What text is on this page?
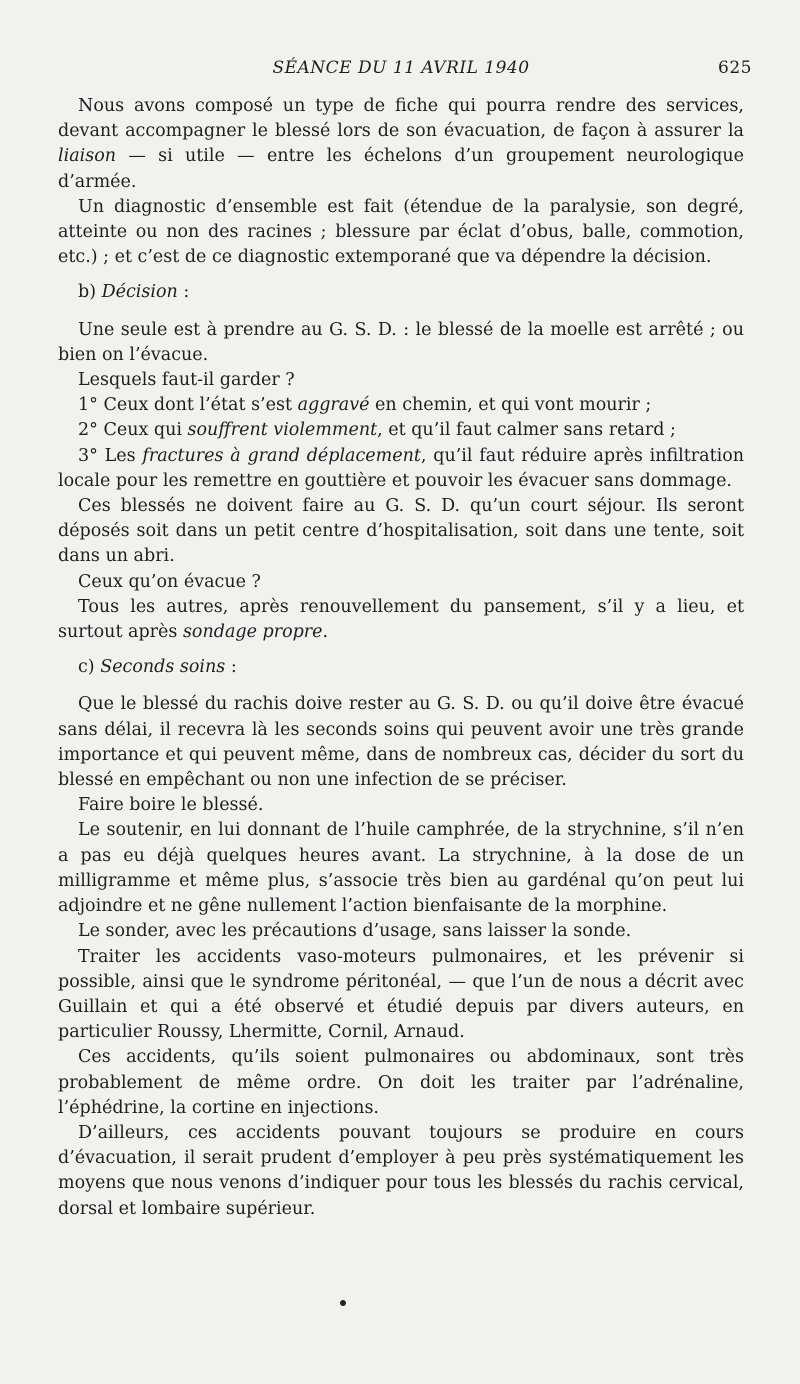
SÉANCE DU 11 AVRIL 1940	625

Nous avons composé un type de fiche qui pourra rendre des services, devant accompagner le blessé lors de son évacuation, de façon à assurer la liaison — si utile — entre les échelons d’un groupement neurologique d’armée.

Un diagnostic d’ensemble est fait (étendue de la paralysie, son degré, atteinte ou non des racines ; blessure par éclat d’obus, balle, commotion, etc.) ; et c’est de ce diagnostic extemporané que va dépendre la décision.

b) Décision :

Une seule est à prendre au G. S. D. : le blessé de la moelle est arrêté ; ou bien on l’évacue.

Lesquels faut-il garder ?

1° Ceux dont l’état s’est aggravé en chemin, et qui vont mourir ;

2° Ceux qui souffrent violemment, et qu’il faut calmer sans retard ;

3° Les fractures à grand déplacement, qu’il faut réduire après infiltration locale pour les remettre en gouttière et pouvoir les évacuer sans dommage.

Ces blessés ne doivent faire au G. S. D. qu’un court séjour. Ils seront déposés soit dans un petit centre d’hospitalisation, soit dans une tente, soit dans un abri.

Ceux qu’on évacue ?

Tous les autres, après renouvellement du pansement, s’il y a lieu, et surtout après sondage propre.

c) Seconds soins :

Que le blessé du rachis doive rester au G. S. D. ou qu’il doive être évacué sans délai, il recevra là les seconds soins qui peuvent avoir une très grande importance et qui peuvent même, dans de nombreux cas, décider du sort du blessé en empêchant ou non une infection de se préciser.

Faire boire le blessé.

Le soutenir, en lui donnant de l’huile camphrée, de la strychnine, s’il n’en a pas eu déjà quelques heures avant. La strychnine, à la dose de un milligramme et même plus, s’associe très bien au gardénal qu’on peut lui adjoindre et ne gêne nullement l’action bienfaisante de la morphine.

Le sonder, avec les précautions d’usage, sans laisser la sonde.

Traiter les accidents vaso-moteurs pulmonaires, et les prévenir si possible, ainsi que le syndrome péritonéal, — que l’un de nous a décrit avec Guillain et qui a été observé et étudié depuis par divers auteurs, en particulier Roussy, Lhermitte, Cornil, Arnaud.

Ces accidents, qu’ils soient pulmonaires ou abdominaux, sont très probablement de même ordre. On doit les traiter par l’adrénaline, l’éphédrine, la cortine en injections.

D’ailleurs, ces accidents pouvant toujours se produire en cours d’évacuation, il serait prudent d’employer à peu près systématiquement les moyens que nous venons d’indiquer pour tous les blessés du rachis cervical, dorsal et lombaire supérieur.
